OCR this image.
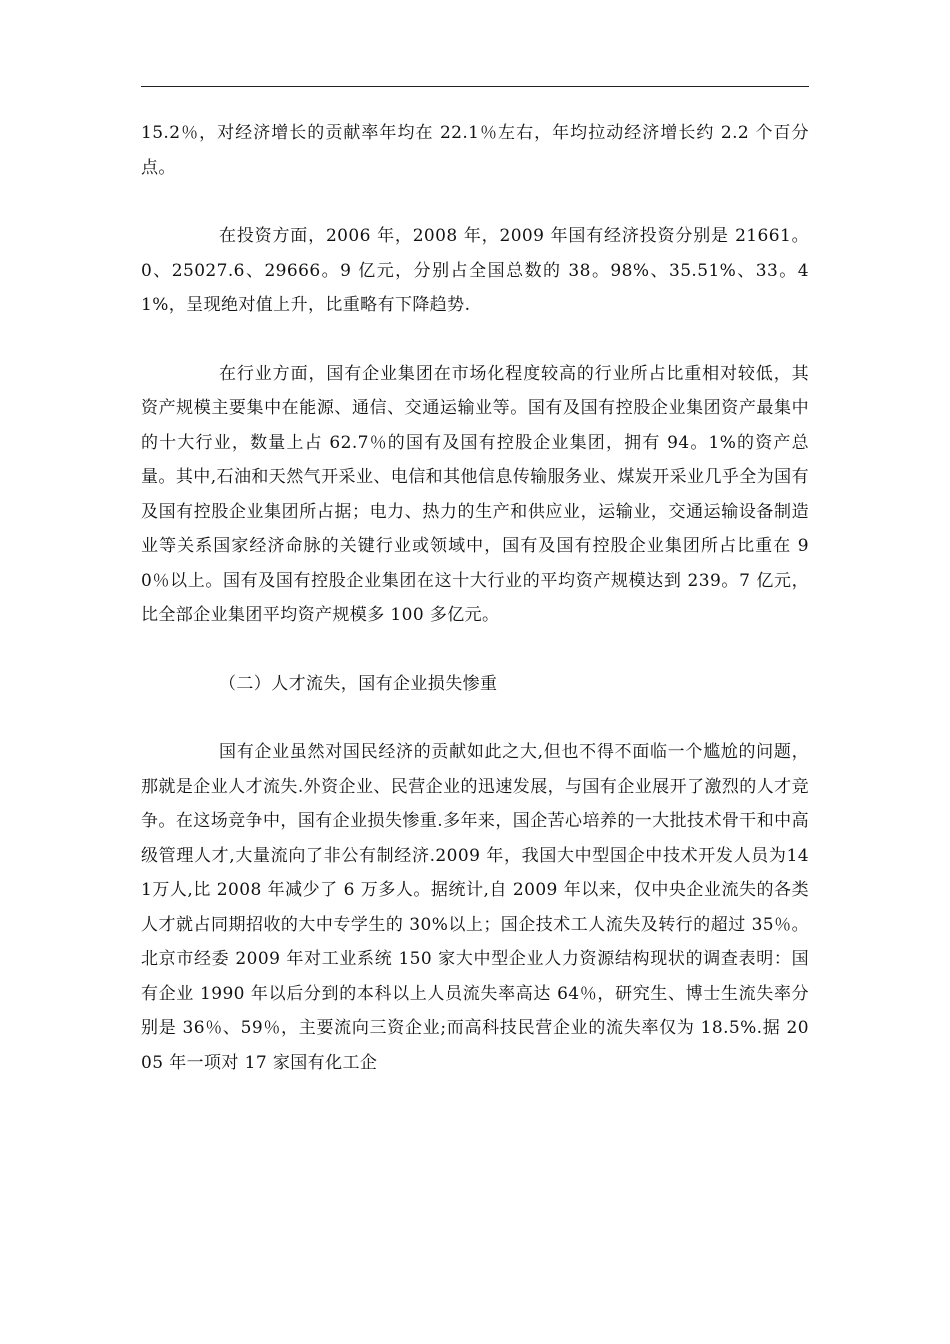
15.2％，对经济增长的贡献率年均在 22.1％左右，年均拉动经济增长约 2.2 个百分点。

在投资方面，2006 年，2008 年，2009 年国有经济投资分别是 21661。0、25027.6、29666。9 亿元，分别占全国总数的 38。98%、35.51%、33。41%，呈现绝对值上升，比重略有下降趋势.

在行业方面，国有企业集团在市场化程度较高的行业所占比重相对较低，其资产规模主要集中在能源、通信、交通运输业等。国有及国有控股企业集团资产最集中的十大行业，数量上占 62.7％的国有及国有控股企业集团，拥有 94。1%的资产总量。其中,石油和天然气开采业、电信和其他信息传输服务业、煤炭开采业几乎全为国有及国有控股企业集团所占据；电力、热力的生产和供应业，运输业，交通运输设备制造业等关系国家经济命脉的关键行业或领域中，国有及国有控股企业集团所占比重在 90％以上。国有及国有控股企业集团在这十大行业的平均资产规模达到 239。7 亿元，比全部企业集团平均资产规模多 100 多亿元。

（二）人才流失，国有企业损失惨重

国有企业虽然对国民经济的贡献如此之大,但也不得不面临一个尴尬的问题，那就是企业人才流失.外资企业、民营企业的迅速发展，与国有企业展开了激烈的人才竞争。在这场竞争中，国有企业损失惨重.多年来，国企苦心培养的一大批技术骨干和中高级管理人才,大量流向了非公有制经济.2009 年，我国大中型国企中技术开发人员为141万人,比 2008 年减少了 6 万多人。据统计,自 2009 年以来，仅中央企业流失的各类人才就占同期招收的大中专学生的 30%以上；国企技术工人流失及转行的超过 35％。北京市经委 2009 年对工业系统 150 家大中型企业人力资源结构现状的调查表明：国有企业 1990 年以后分到的本科以上人员流失率高达 64％，研究生、博士生流失率分别是 36％、59％，主要流向三资企业;而高科技民营企业的流失率仅为 18.5%.据 2005 年一项对 17 家国有化工企
